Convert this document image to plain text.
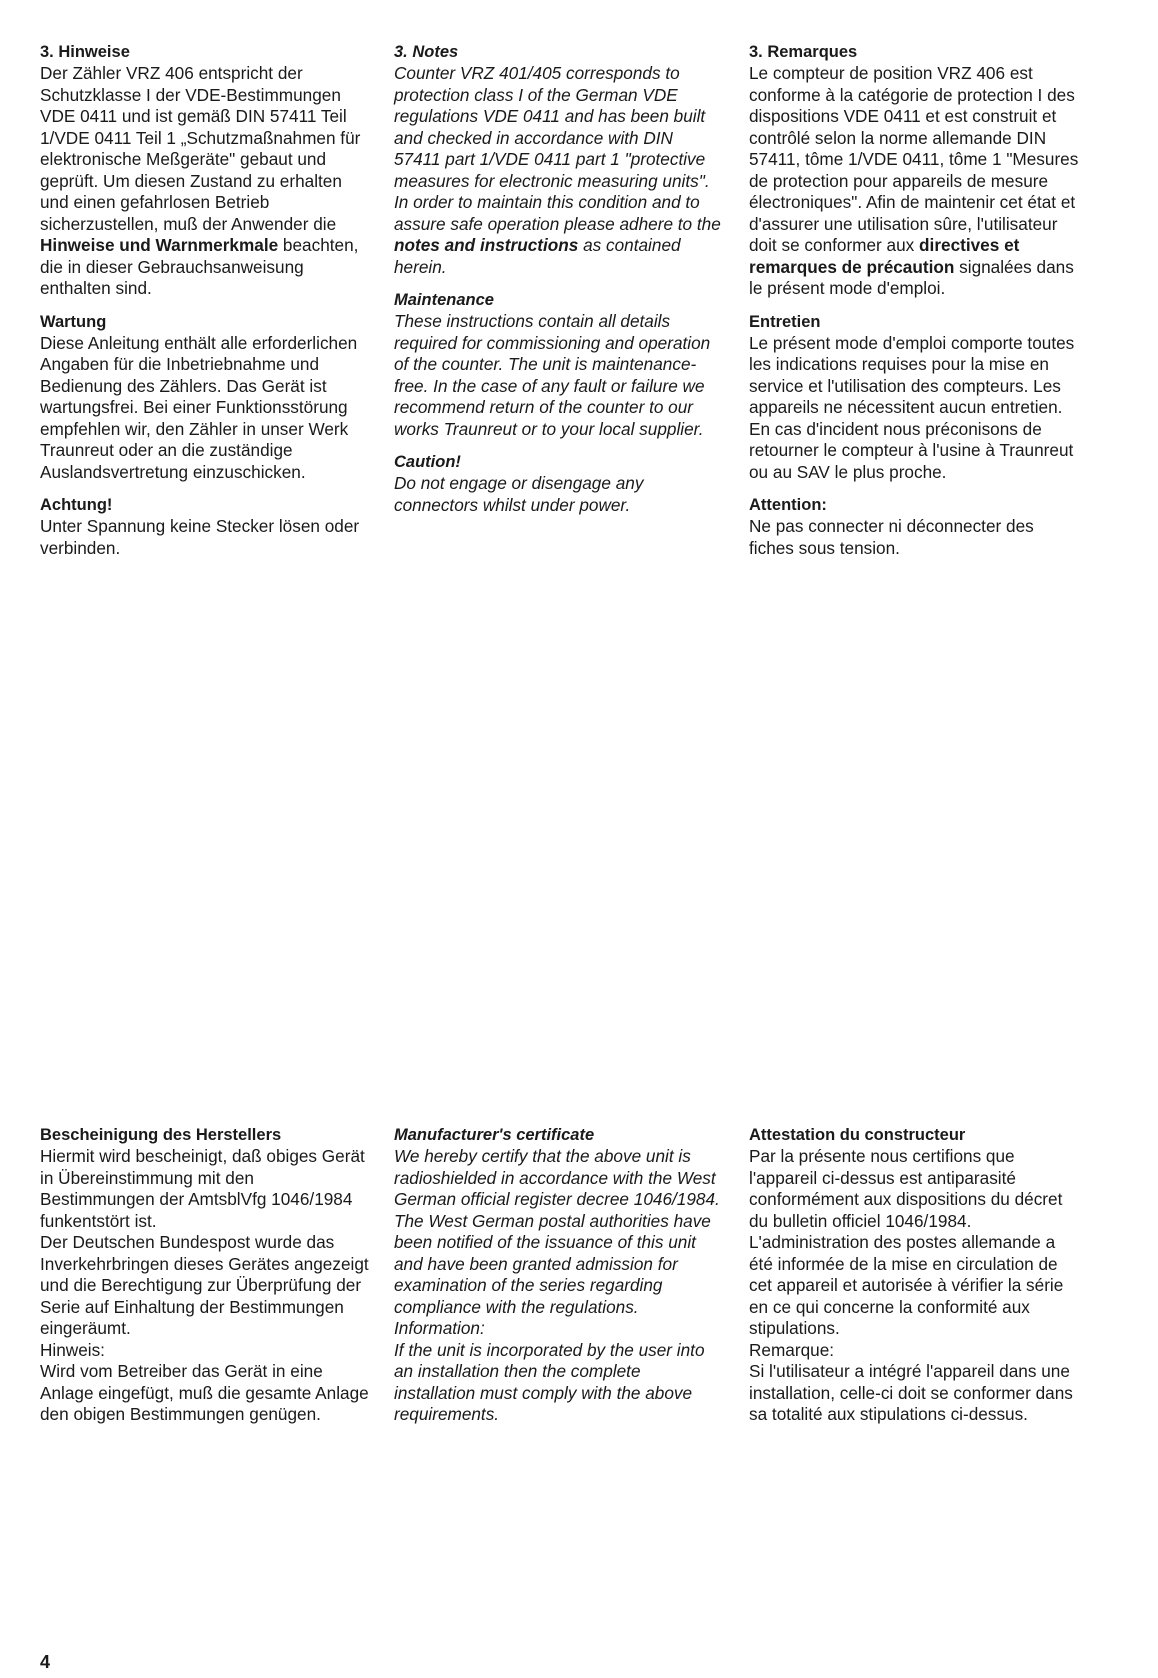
3. Hinweise

Der Zähler VRZ 406 entspricht der Schutzklasse I der VDE-Bestimmungen VDE 0411 und ist gemäß DIN 57411 Teil 1/VDE 0411 Teil 1 „Schutzmaßnahmen für elektronische Meßgeräte" gebaut und geprüft. Um diesen Zustand zu erhalten und einen gefahrlosen Betrieb sicherzustellen, muß der Anwender die Hinweise und Warnmerkmale beachten, die in dieser Gebrauchsanweisung enthalten sind.

Wartung

Diese Anleitung enthält alle erforderlichen Angaben für die Inbetriebnahme und Bedienung des Zählers. Das Gerät ist wartungsfrei. Bei einer Funktionsstörung empfehlen wir, den Zähler in unser Werk Traunreut oder an die zuständige Auslandsvertretung einzuschicken.

Achtung!

Unter Spannung keine Stecker lösen oder verbinden.

3. Notes

Counter VRZ 401/405 corresponds to protection class I of the German VDE regulations VDE 0411 and has been built and checked in accordance with DIN 57411 part 1/VDE 0411 part 1 "protective measures for electronic measuring units". In order to maintain this condition and to assure safe operation please adhere to the notes and instructions as contained herein.

Maintenance

These instructions contain all details required for commissioning and operation of the counter. The unit is maintenance-free. In the case of any fault or failure we recommend return of the counter to our works Traunreut or to your local supplier.

Caution!

Do not engage or disengage any connectors whilst under power.

3. Remarques

Le compteur de position VRZ 406 est conforme à la catégorie de protection I des dispositions VDE 0411 et est construit et contrôlé selon la norme allemande DIN 57411, tôme 1/VDE 0411, tôme 1 "Mesures de protection pour appareils de mesure électroniques". Afin de maintenir cet état et d'assurer une utilisation sûre, l'utilisateur doit se conformer aux directives et remarques de précaution signalées dans le présent mode d'emploi.

Entretien

Le présent mode d'emploi comporte toutes les indications requises pour la mise en service et l'utilisation des compteurs. Les appareils ne nécessitent aucun entretien. En cas d'incident nous préconisons de retourner le compteur à l'usine à Traunreut ou au SAV le plus proche.

Attention:

Ne pas connecter ni déconnecter des fiches sous tension.

Bescheinigung des Herstellers

Hiermit wird bescheinigt, daß obiges Gerät in Übereinstimmung mit den Bestimmungen der AmtsblVfg 1046/1984 funkentstört ist.

Der Deutschen Bundespost wurde das Inverkehrbringen dieses Gerätes angezeigt und die Berechtigung zur Überprüfung der Serie auf Einhaltung der Bestimmungen eingeräumt.

Hinweis:

Wird vom Betreiber das Gerät in eine Anlage eingefügt, muß die gesamte Anlage den obigen Bestimmungen genügen.

Manufacturer's certificate

We hereby certify that the above unit is radioshielded in accordance with the West German official register decree 1046/1984.

The West German postal authorities have been notified of the issuance of this unit and have been granted admission for examination of the series regarding compliance with the regulations.

Information:

If the unit is incorporated by the user into an installation then the complete installation must comply with the above requirements.

Attestation du constructeur

Par la présente nous certifions que l'appareil ci-dessus est antiparasité conformément aux dispositions du décret du bulletin officiel 1046/1984. L'administration des postes allemande a été informée de la mise en circulation de cet appareil et autorisée à vérifier la série en ce qui concerne la conformité aux stipulations.

Remarque:

Si l'utilisateur a intégré l'appareil dans une installation, celle-ci doit se conformer dans sa totalité aux stipulations ci-dessus.

4
